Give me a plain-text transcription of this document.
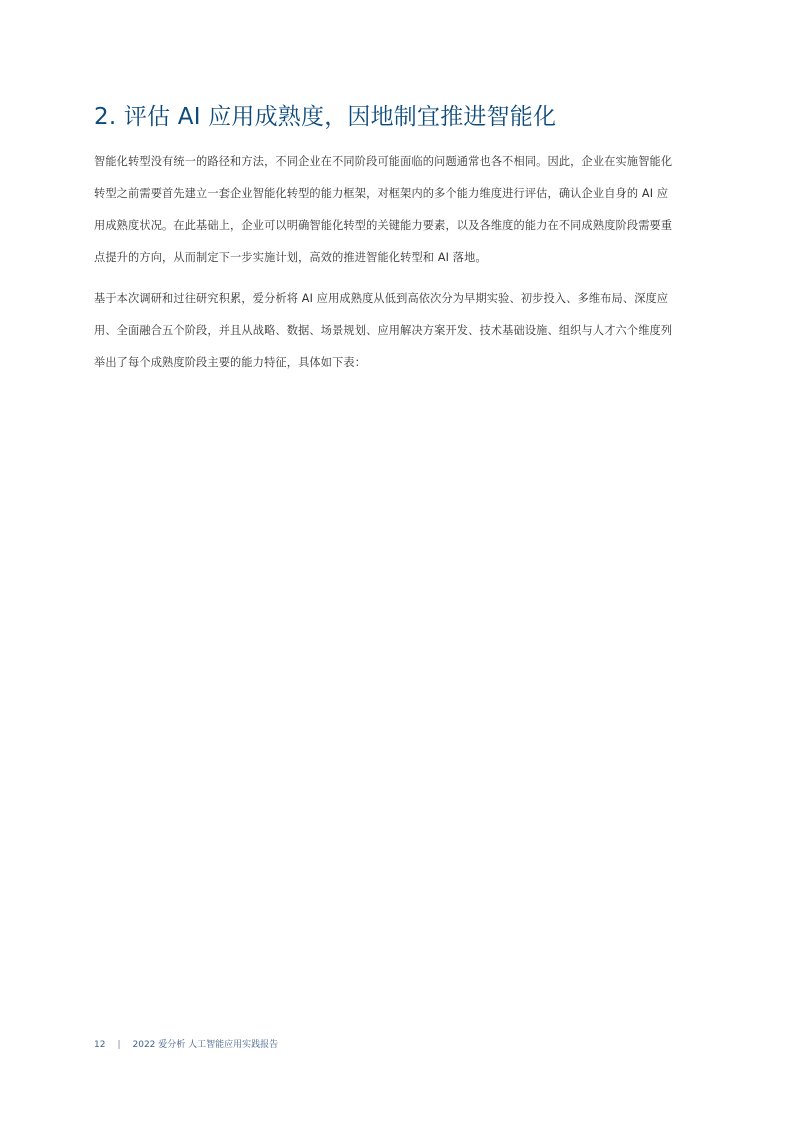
2. 评估 AI 应用成熟度，因地制宜推进智能化

智能化转型没有统一的路径和方法，不同企业在不同阶段可能面临的问题通常也各不相同。因此，企业在实施智能化
转型之前需要首先建立一套企业智能化转型的能力框架，对框架内的多个能力维度进行评估，确认企业自身的 AI 应
用成熟度状况。在此基础上，企业可以明确智能化转型的关键能力要素，以及各维度的能力在不同成熟度阶段需要重
点提升的方向，从而制定下一步实施计划，高效的推进智能化转型和 AI 落地。

基于本次调研和过往研究积累，爱分析将 AI 应用成熟度从低到高依次分为早期实验、初步投入、多维布局、深度应
用、全面融合五个阶段，并且从战略、数据、场景规划、应用解决方案开发、技术基础设施、组织与人才六个维度列
举出了每个成熟度阶段主要的能力特征，具体如下表：

12 | 2022 爱分析 人工智能应用实践报告
